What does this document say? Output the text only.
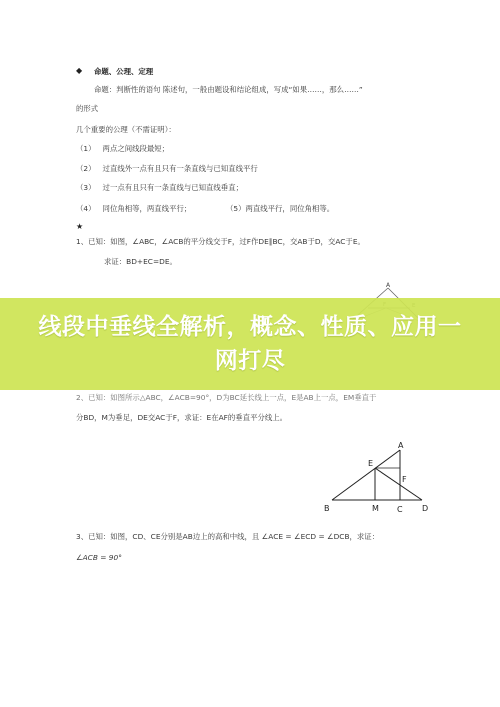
◆ 命题、公理、定理
命题：判断性的语句 陈述句，一般由题设和结论组成，写成“如果……，那么……”
的形式
几个重要的公理（不需证明）：
（1） 两点之间线段最短；
（2） 过直线外一点有且只有一条直线与已知直线平行
（3） 过一点有且只有一条直线与已知直线垂直；
（4） 同位角相等，两直线平行；	（5）两直线平行，同位角相等。
★
1、已知：如图，∠ABC，∠ACB的平分线交于F，过F作DE∥BC，交AB于D，交AC于E。
求证：BD+EC=DE。
A
2、已知：如图所示△ABC，∠ACB=90°，D为BC延长线上一点，E是AB上一点，EM垂直于
分BD，M为垂足，DE交AC于F，求证：E在AF的垂直平分线上。
A
E
F
B	M C D
3、已知：如图，CD、CE分别是AB边上的高和中线，且 ∠ACE = ∠ECD = ∠DCB，求证：
∠ACB = 90°
线段中垂线全解析，概念、性质、应用一网打尽
